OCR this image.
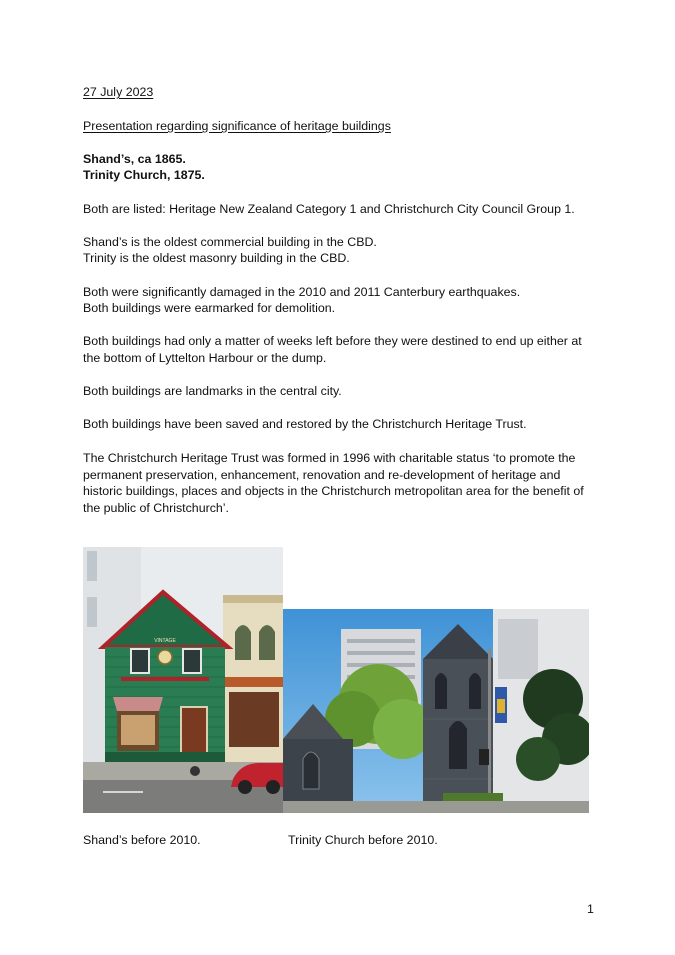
27 July 2023
Presentation regarding significance of heritage buildings
Shand’s, ca 1865.
Trinity Church, 1875.
Both are listed: Heritage New Zealand Category 1 and Christchurch City Council Group 1.
Shand’s is the oldest commercial building in the CBD.
Trinity is the oldest masonry building in the CBD.
Both were significantly damaged in the 2010 and 2011 Canterbury earthquakes.
Both buildings were earmarked for demolition.
Both buildings had only a matter of weeks left before they were destined to end up either at the bottom of Lyttelton Harbour or the dump.
Both buildings are landmarks in the central city.
Both buildings have been saved and restored by the Christchurch Heritage Trust.
The Christchurch Heritage Trust was formed in 1996 with charitable status ‘to promote the permanent preservation, enhancement, renovation and re-development of heritage and historic buildings, places and objects in the Christchurch metropolitan area for the benefit of the public of Christchurch’.
VINTAGE
Shand’s before 2010.	Trinity Church before 2010.
1
